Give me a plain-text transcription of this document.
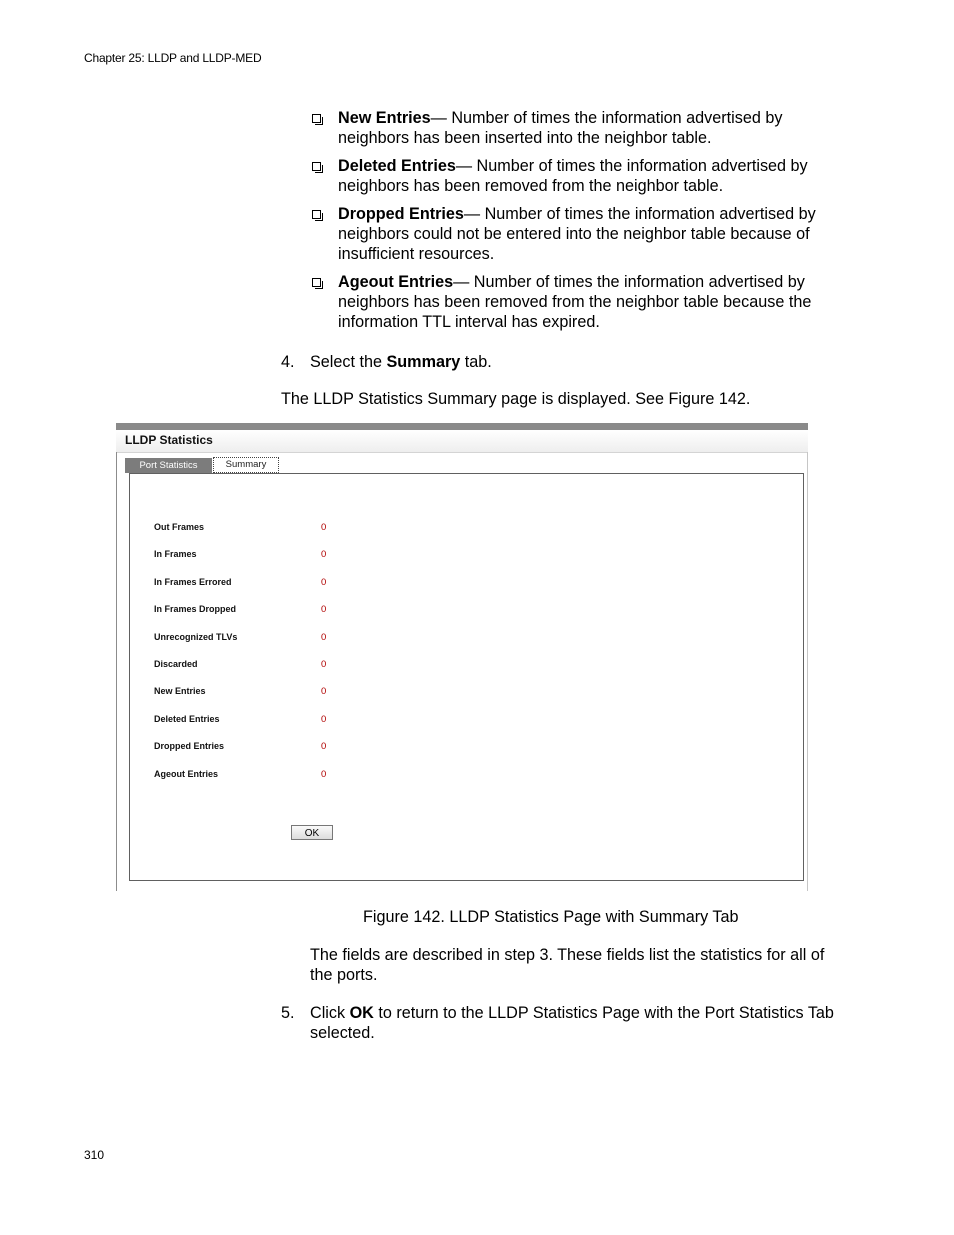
Chapter 25: LLDP and LLDP-MED
New Entries— Number of times the information advertised by neighbors has been inserted into the neighbor table.
Deleted Entries— Number of times the information advertised by neighbors has been removed from the neighbor table.
Dropped Entries— Number of times the information advertised by neighbors could not be entered into the neighbor table because of insufficient resources.
Ageout Entries— Number of times the information advertised by neighbors has been removed from the neighbor table because the information TTL interval has expired.
4. Select the Summary tab.
The LLDP Statistics Summary page is displayed. See Figure 142.
LLDP Statistics
Port Statistics	Summary
Out Frames	0
In Frames	0
In Frames Errored	0
In Frames Dropped	0
Unrecognized TLVs	0
Discarded	0
New Entries	0
Deleted Entries	0
Dropped Entries	0
Ageout Entries	0
OK
Figure 142. LLDP Statistics Page with Summary Tab
The fields are described in step 3. These fields list the statistics for all of the ports.
5. Click OK to return to the LLDP Statistics Page with the Port Statistics Tab selected.
310
